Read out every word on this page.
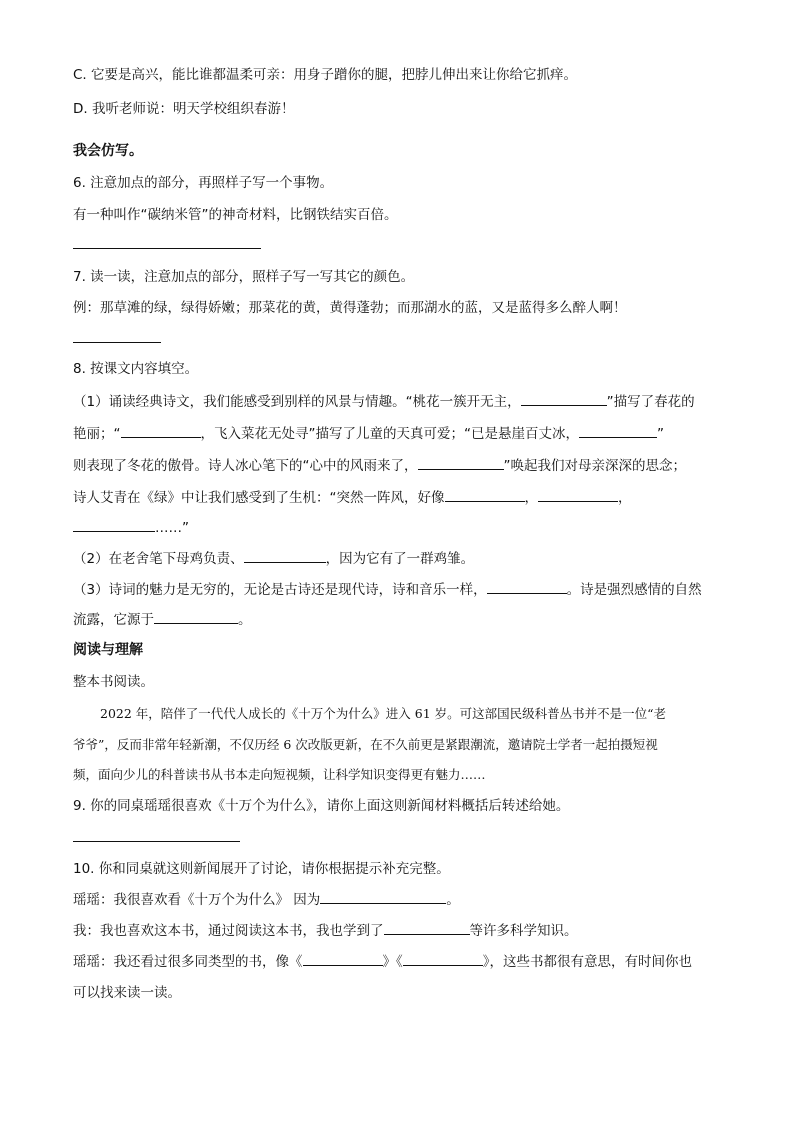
C. 它要是高兴，能比谁都温柔可亲：用身子蹭你的腿，把脖儿伸出来让你给它抓痒。
D. 我听老师说：明天学校组织春游！
我会仿写。
6. 注意加点的部分，再照样子写一个事物。
有一种叫作“碳纳米管”的神奇材料，比钢铁结实百倍。
7. 读一读，注意加点的部分，照样子写一写其它的颜色。
例：那草滩的绿，绿得娇嫩；那菜花的黄，黄得蓬勃；而那湖水的蓝，又是蓝得多么醉人啊！
8. 按课文内容填空。
（1）诵读经典诗文，我们能感受到别样的风景与情趣。“桃花一簇开无主，	”描写了春花的
艳丽；“	，飞入菜花无处寻”描写了儿童的天真可爱；“已是悬崖百丈冰，	”
则表现了冬花的傲骨。诗人冰心笔下的“心中的风雨来了，	”唤起我们对母亲深深的思念；
诗人艾青在《绿》中让我们感受到了生机：“突然一阵风，好像	，	，
……”
（2）在老舍笔下母鸡负责、	，因为它有了一群鸡雏。
（3）诗词的魅力是无穷的，无论是古诗还是现代诗，诗和音乐一样，	。诗是强烈感情的自然
流露，它源于	。
阅读与理解
整本书阅读。
2022 年，陪伴了一代代人成长的《十万个为什么》进入 61 岁。可这部国民级科普丛书并不是一位“老
爷爷”，反而非常年轻新潮，不仅历经 6 次改版更新，在不久前更是紧跟潮流，邀请院士学者一起拍摄短视
频，面向少儿的科普读书从书本走向短视频，让科学知识变得更有魅力……
9. 你的同桌瑶瑶很喜欢《十万个为什么》，请你上面这则新闻材料概括后转述给她。
10. 你和同桌就这则新闻展开了讨论，请你根据提示补充完整。
瑶瑶：我很喜欢看《十万个为什么》 因为	。
我：我也喜欢这本书，通过阅读这本书，我也学到了	等许多科学知识。
瑶瑶：我还看过很多同类型的书，像《	》《	》，这些书都很有意思，有时间你也
可以找来读一读。
